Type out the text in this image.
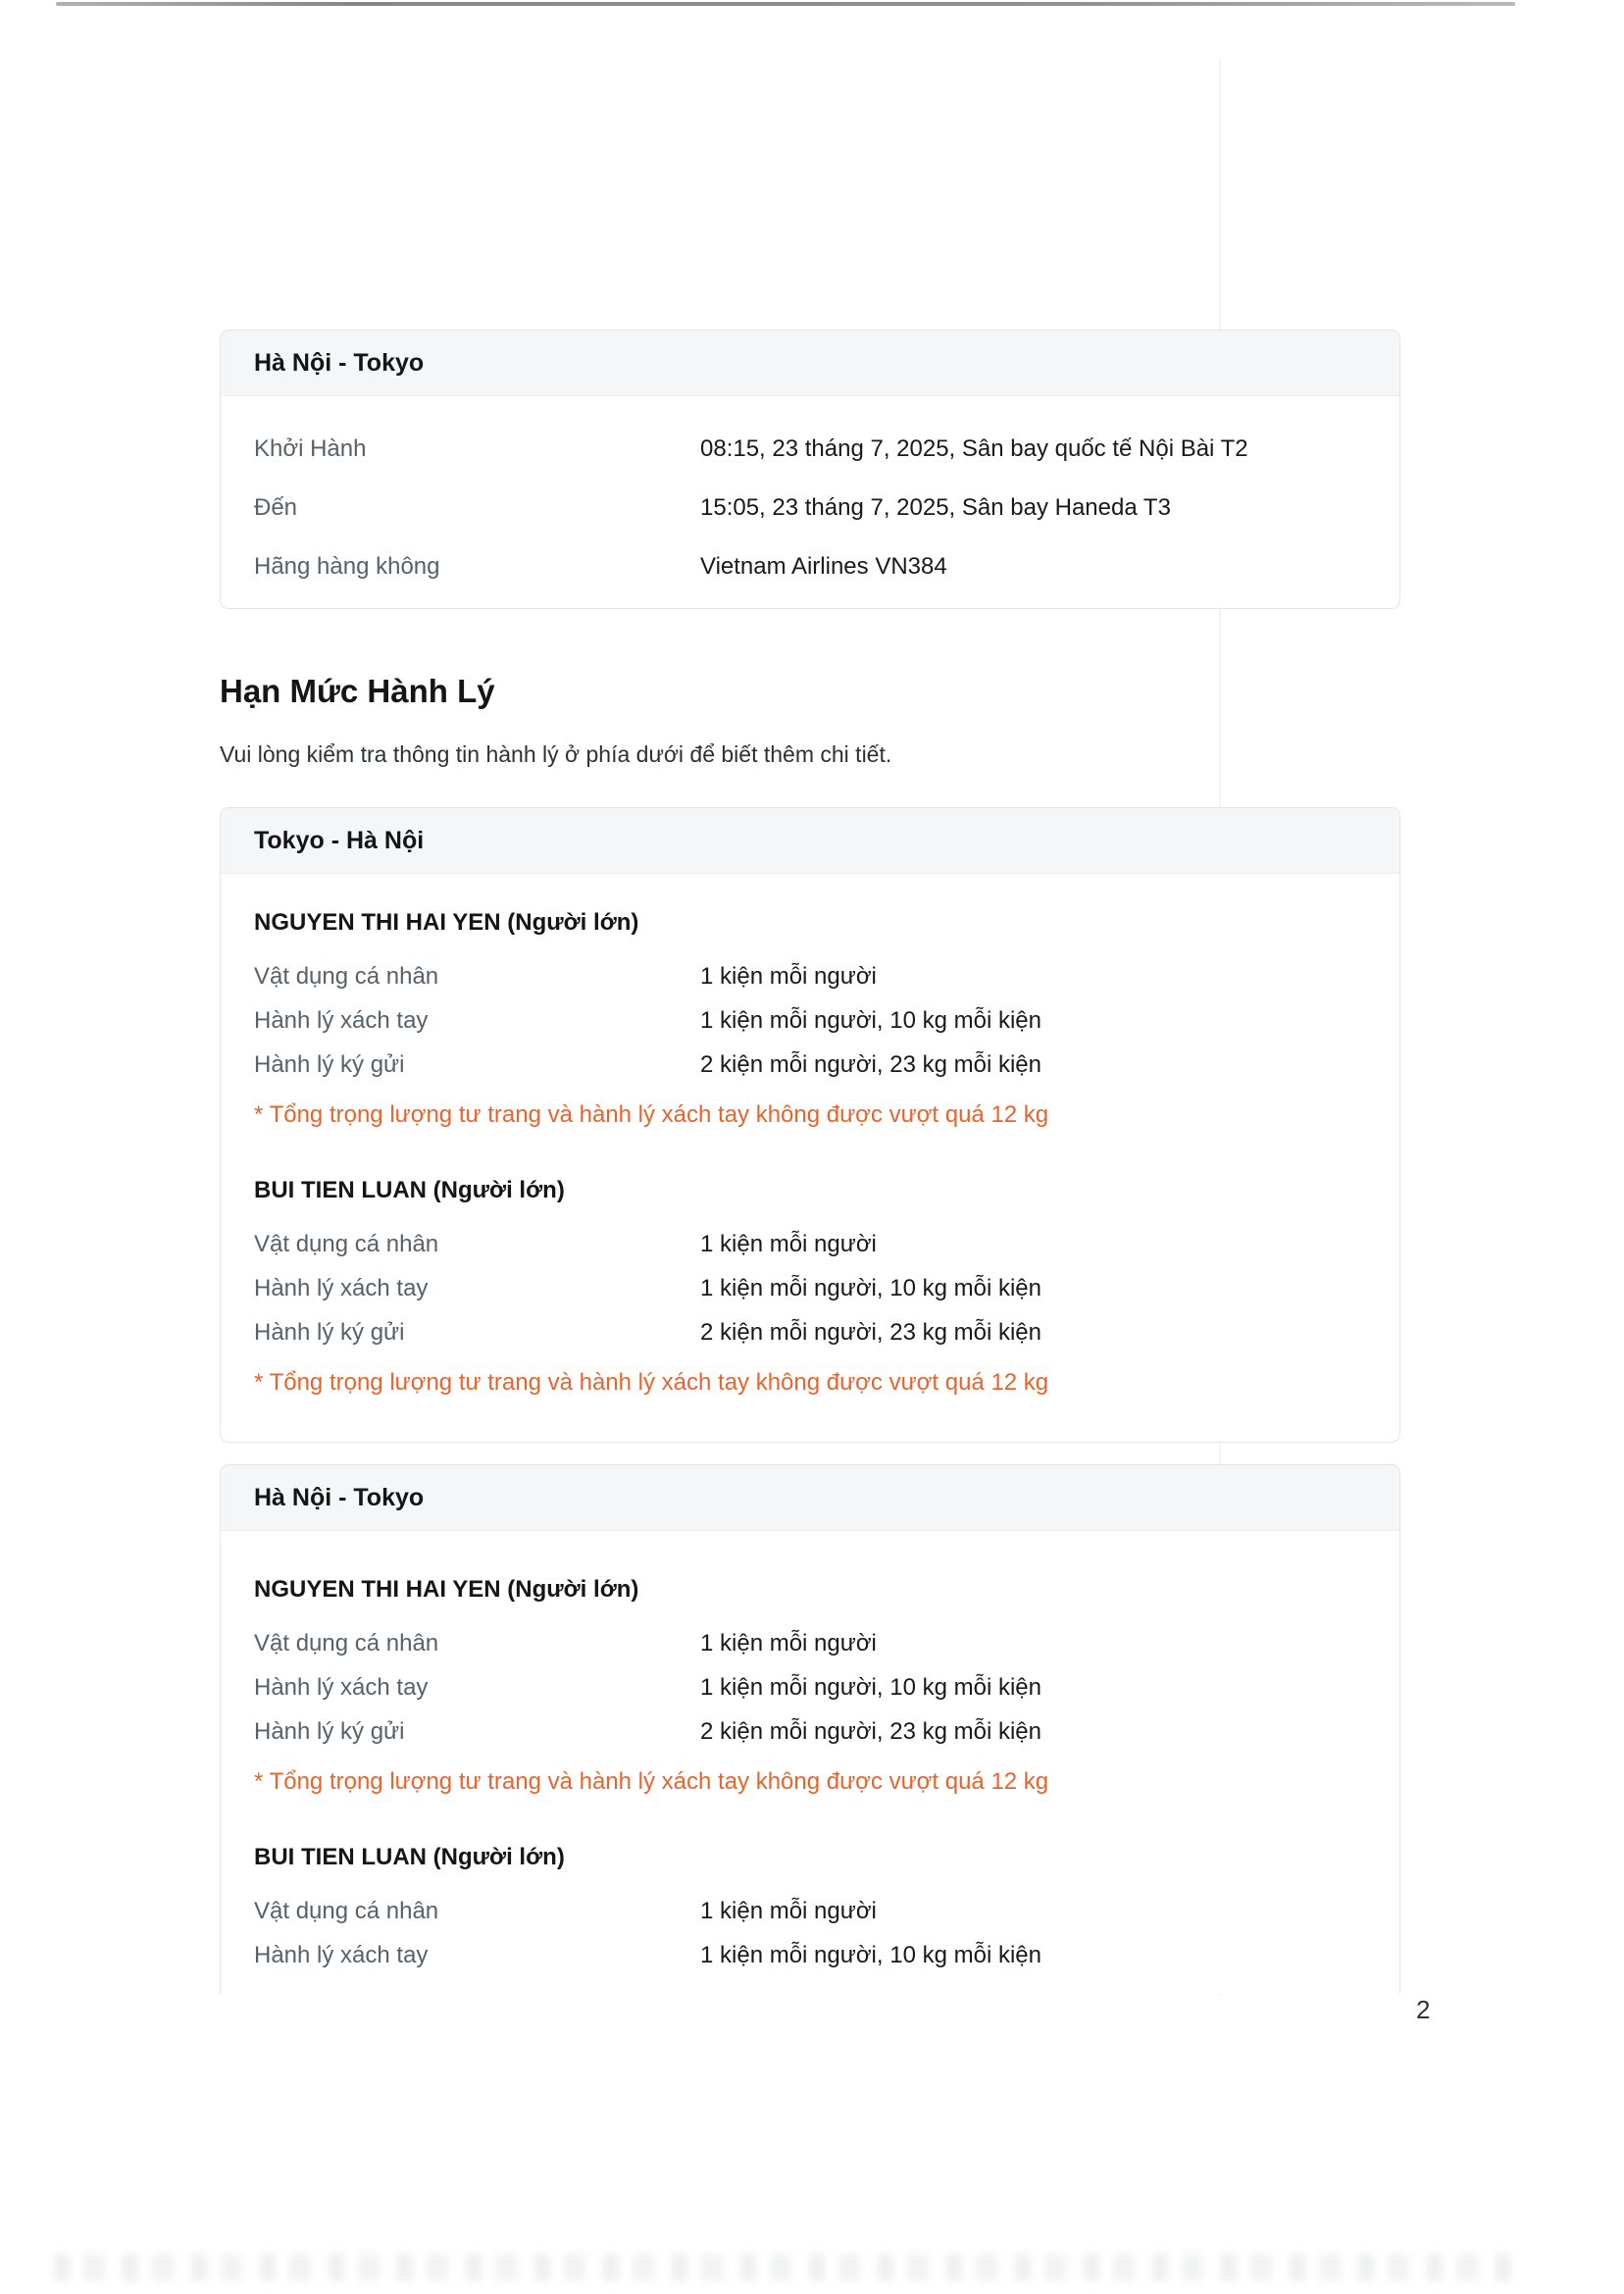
Hà Nội - Tokyo
Khởi Hành	08:15, 23 tháng 7, 2025, Sân bay quốc tế Nội Bài T2
Đến	15:05, 23 tháng 7, 2025, Sân bay Haneda T3
Hãng hàng không	Vietnam Airlines VN384
Hạn Mức Hành Lý

Vui lòng kiểm tra thông tin hành lý ở phía dưới để biết thêm chi tiết.

Tokyo - Hà Nội
NGUYEN THI HAI YEN (Người lớn)
Vật dụng cá nhân	1 kiện mỗi người
Hành lý xách tay	1 kiện mỗi người, 10 kg mỗi kiện
Hành lý ký gửi	2 kiện mỗi người, 23 kg mỗi kiện
* Tổng trọng lượng tư trang và hành lý xách tay không được vượt quá 12 kg
BUI TIEN LUAN (Người lớn)
Vật dụng cá nhân	1 kiện mỗi người
Hành lý xách tay	1 kiện mỗi người, 10 kg mỗi kiện
Hành lý ký gửi	2 kiện mỗi người, 23 kg mỗi kiện
* Tổng trọng lượng tư trang và hành lý xách tay không được vượt quá 12 kg
Hà Nội - Tokyo
NGUYEN THI HAI YEN (Người lớn)
Vật dụng cá nhân	1 kiện mỗi người
Hành lý xách tay	1 kiện mỗi người, 10 kg mỗi kiện
Hành lý ký gửi	2 kiện mỗi người, 23 kg mỗi kiện
* Tổng trọng lượng tư trang và hành lý xách tay không được vượt quá 12 kg
BUI TIEN LUAN (Người lớn)
Vật dụng cá nhân	1 kiện mỗi người
Hành lý xách tay	1 kiện mỗi người, 10 kg mỗi kiện
2
